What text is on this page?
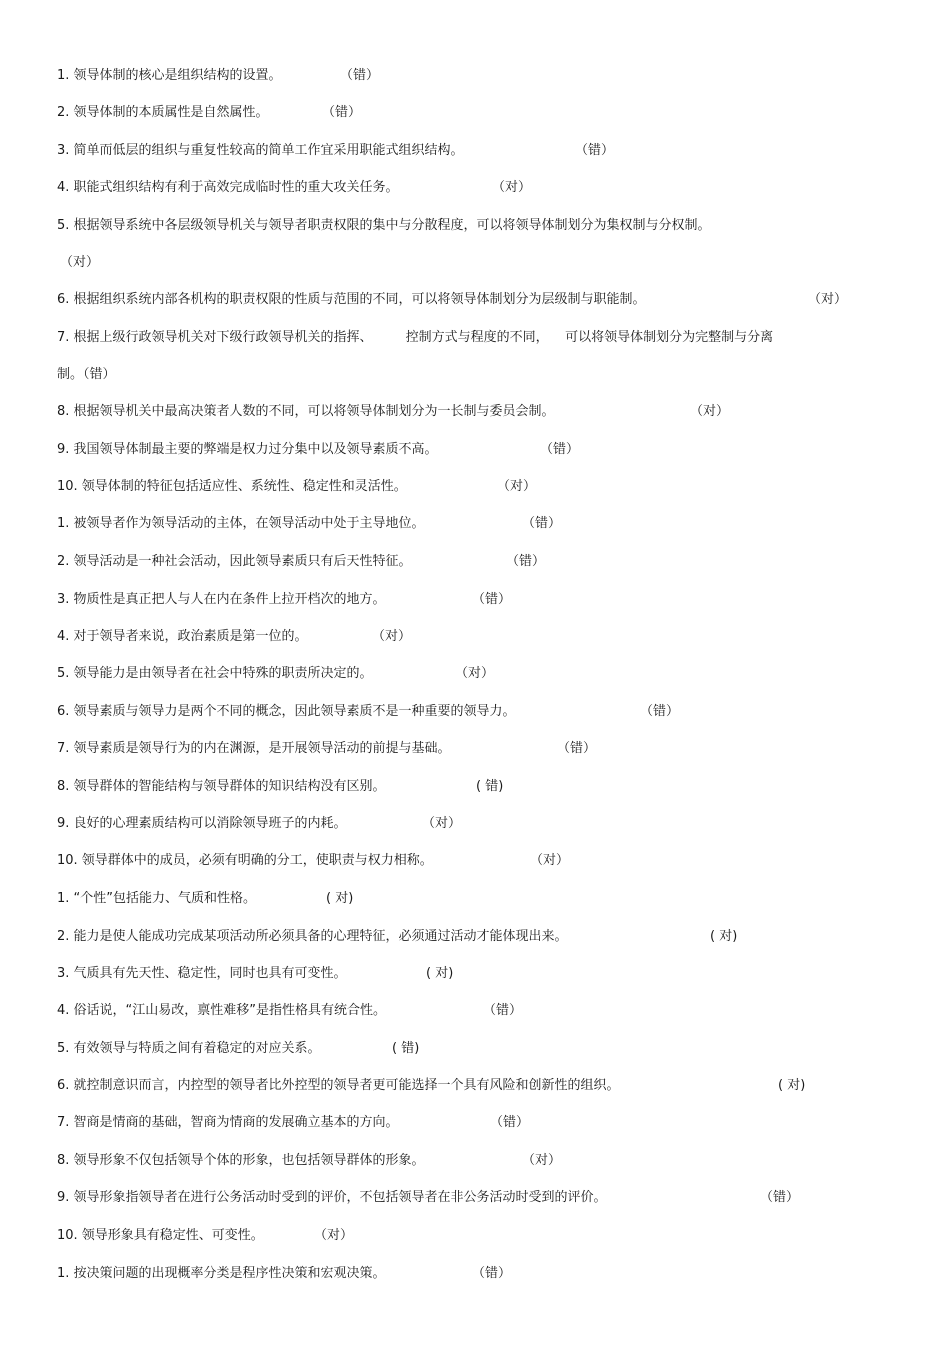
1. 领导体制的核心是组织结构的设置。	（错）
2. 领导体制的本质属性是自然属性。	（错）
3. 简单而低层的组织与重复性较高的简单工作宜采用职能式组织结构。	（错）
4. 职能式组织结构有利于高效完成临时性的重大攻关任务。	（对）
5. 根据领导系统中各层级领导机关与领导者职责权限的集中与分散程度，可以将领导体制划分为集权制与分权制。
（对）
6. 根据组织系统内部各机构的职责权限的性质与范围的不同，可以将领导体制划分为层级制与职能制。	（对）
7. 根据上级行政领导机关对下级行政领导机关的指挥、        控制方式与程度的不同，    可以将领导体制划分为完整制与分离
制。（错）
8. 根据领导机关中最高决策者人数的不同，可以将领导体制划分为一长制与委员会制。	（对）
9. 我国领导体制最主要的弊端是权力过分集中以及领导素质不高。	（错）
10. 领导体制的特征包括适应性、系统性、稳定性和灵活性。	（对）
1. 被领导者作为领导活动的主体，在领导活动中处于主导地位。	（错）
2. 领导活动是一种社会活动，因此领导素质只有后天性特征。	（错）
3. 物质性是真正把人与人在内在条件上拉开档次的地方。	（错）
4. 对于领导者来说，政治素质是第一位的。	（对）
5. 领导能力是由领导者在社会中特殊的职责所决定的。	（对）
6. 领导素质与领导力是两个不同的概念，因此领导素质不是一种重要的领导力。	（错）
7. 领导素质是领导行为的内在渊源，是开展领导活动的前提与基础。	（错）
8. 领导群体的智能结构与领导群体的知识结构没有区别。	( 错)
9. 良好的心理素质结构可以消除领导班子的内耗。	（对）
10. 领导群体中的成员，必须有明确的分工，使职责与权力相称。	（对）
1. “个性”包括能力、气质和性格。	( 对)
2. 能力是使人能成功完成某项活动所必须具备的心理特征，必须通过活动才能体现出来。	( 对)
3. 气质具有先天性、稳定性，同时也具有可变性。	( 对)
4. 俗话说，“江山易改，禀性难移”是指性格具有统合性。	（错）
5. 有效领导与特质之间有着稳定的对应关系。	( 错)
6. 就控制意识而言，内控型的领导者比外控型的领导者更可能选择一个具有风险和创新性的组织。	( 对)
7. 智商是情商的基础，智商为情商的发展确立基本的方向。	（错）
8. 领导形象不仅包括领导个体的形象，也包括领导群体的形象。	（对）
9. 领导形象指领导者在进行公务活动时受到的评价，不包括领导者在非公务活动时受到的评价。	（错）
10. 领导形象具有稳定性、可变性。	（对）
1. 按决策问题的出现概率分类是程序性决策和宏观决策。	（错）
